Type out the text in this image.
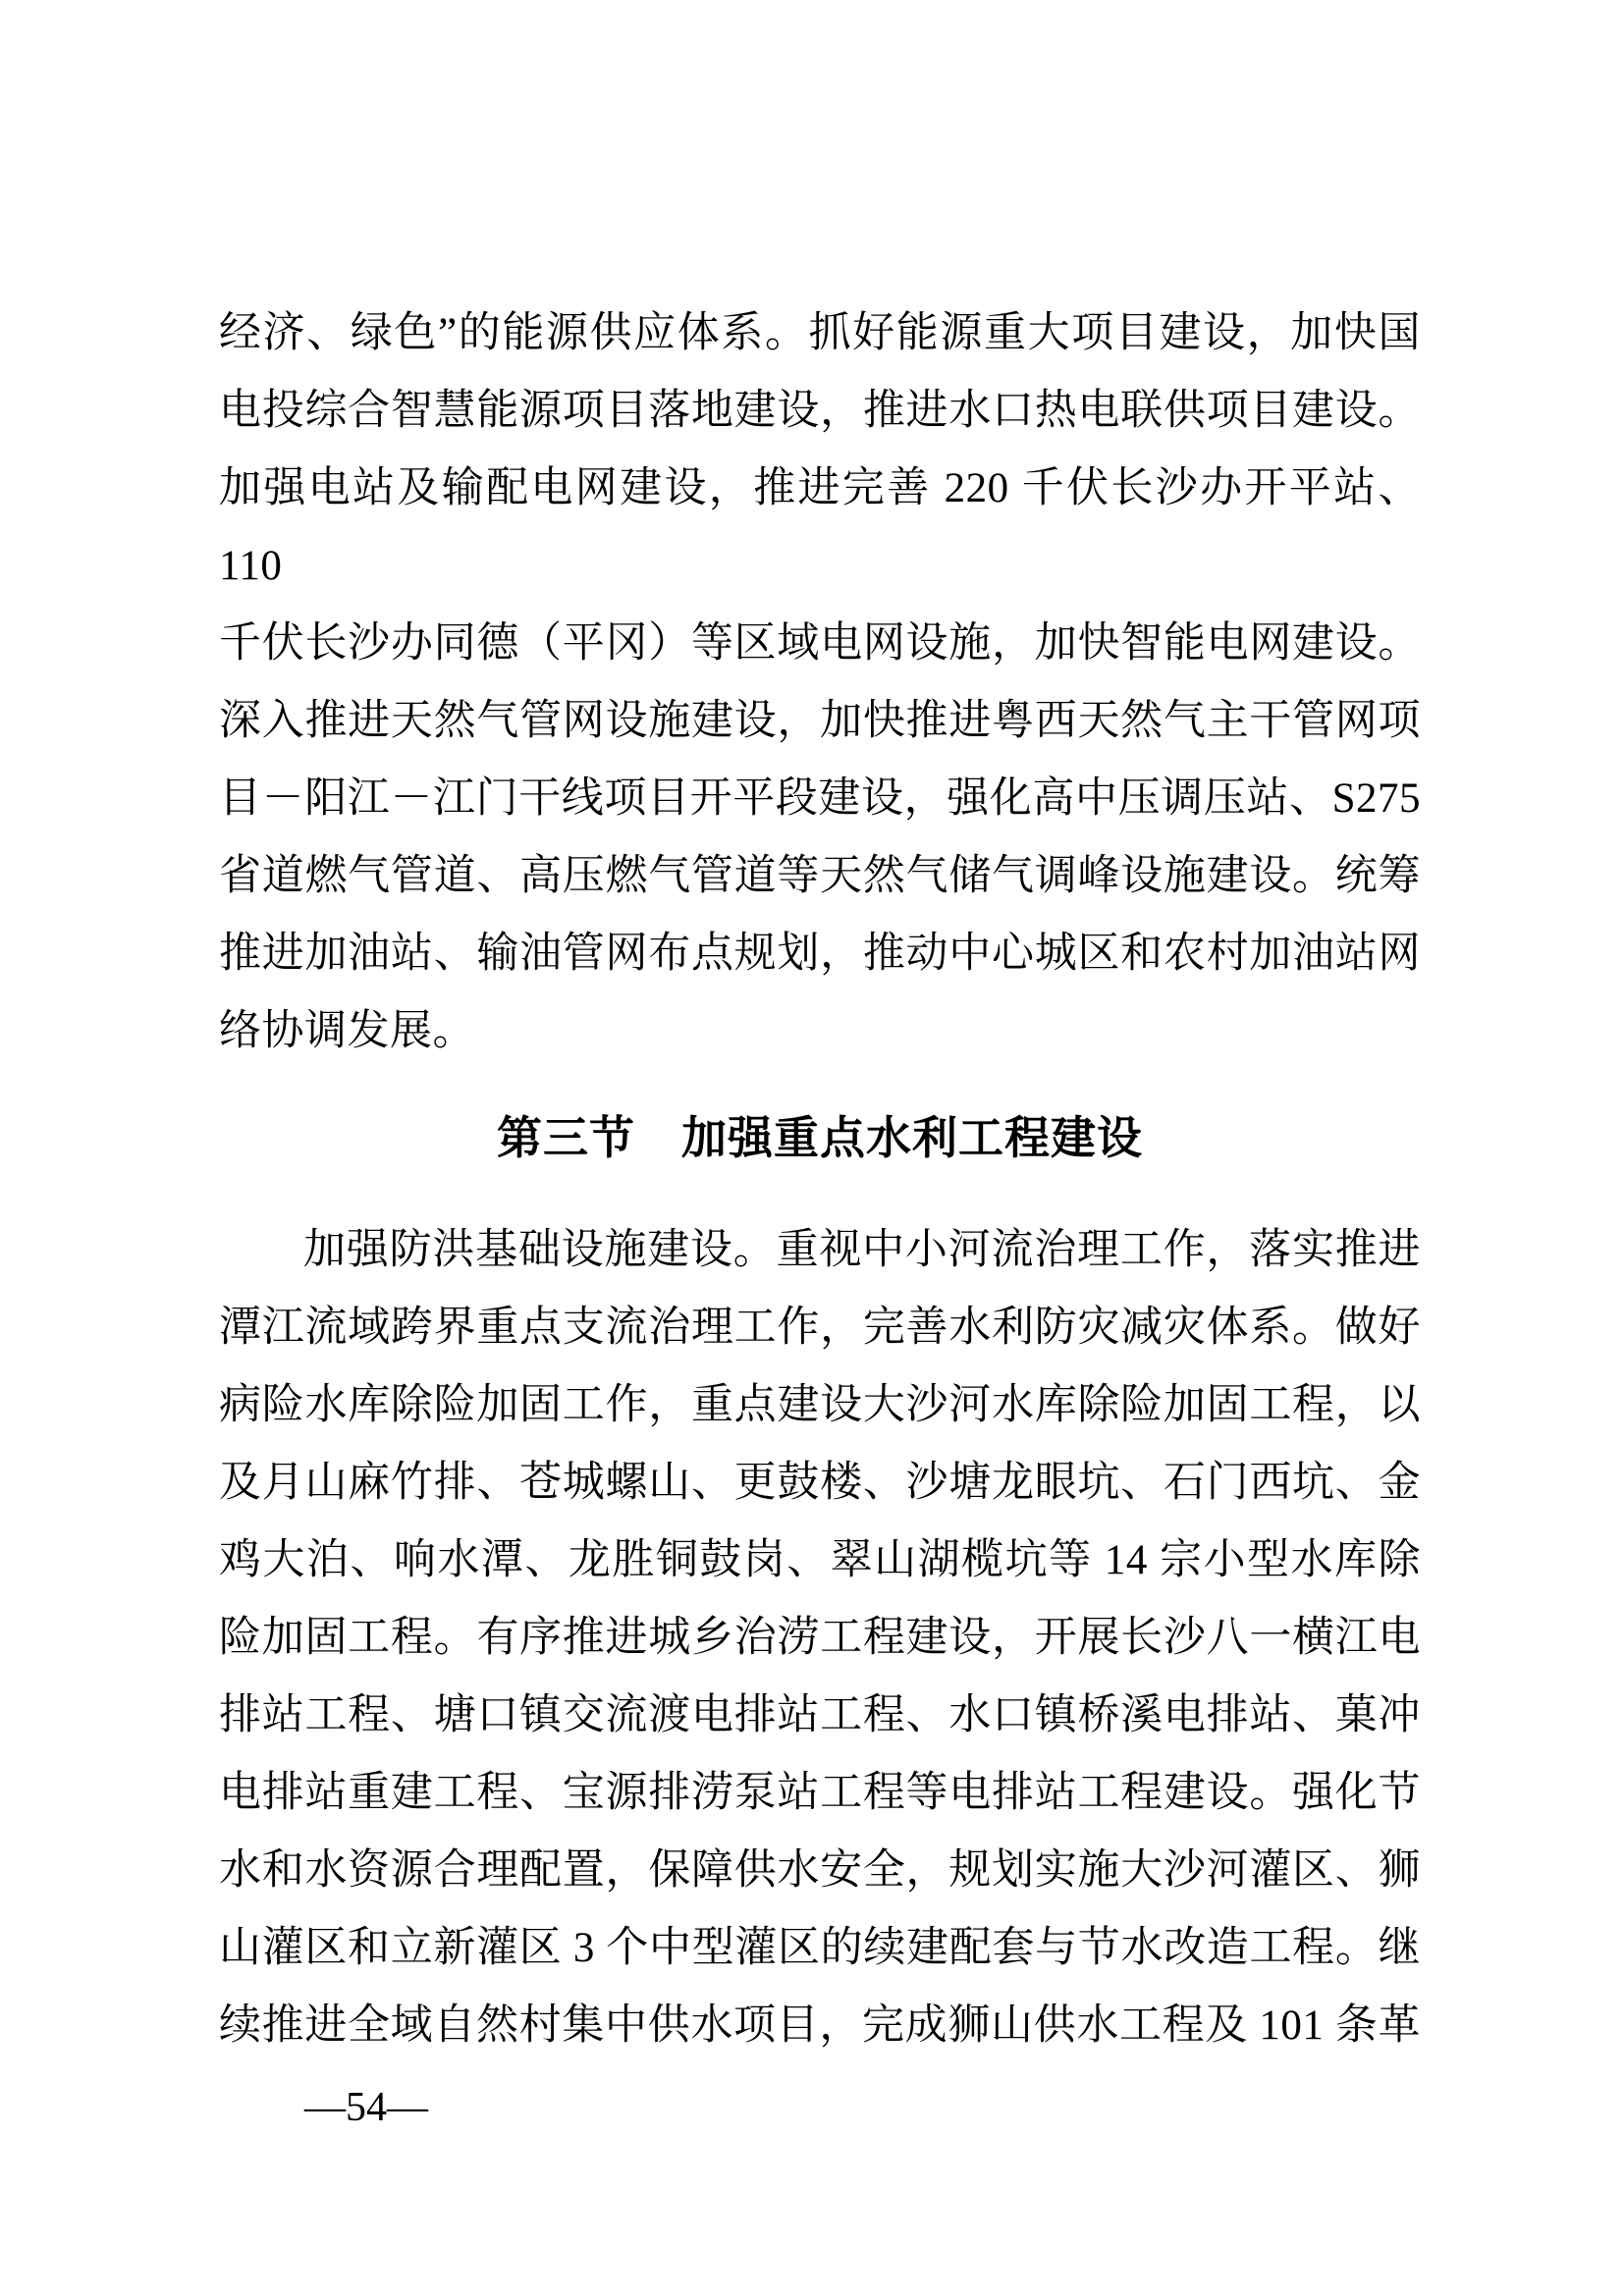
经济、绿色”的能源供应体系。抓好能源重大项目建设，加快国
电投综合智慧能源项目落地建设，推进水口热电联供项目建设。
加强电站及输配电网建设，推进完善 220 千伏长沙办开平站、110
千伏长沙办同德（平冈）等区域电网设施，加快智能电网建设。
深入推进天然气管网设施建设，加快推进粤西天然气主干管网项
目－阳江－江门干线项目开平段建设，强化高中压调压站、S275
省道燃气管道、高压燃气管道等天然气储气调峰设施建设。统筹
推进加油站、输油管网布点规划，推动中心城区和农村加油站网
络协调发展。
第三节　加强重点水利工程建设
加强防洪基础设施建设。重视中小河流治理工作，落实推进
潭江流域跨界重点支流治理工作，完善水利防灾减灾体系。做好
病险水库除险加固工作，重点建设大沙河水库除险加固工程，以
及月山麻竹排、苍城螺山、更鼓楼、沙塘龙眼坑、石门西坑、金
鸡大泊、响水潭、龙胜铜鼓岗、翠山湖榄坑等 14 宗小型水库除
险加固工程。有序推进城乡治涝工程建设，开展长沙八一横江电
排站工程、塘口镇交流渡电排站工程、水口镇桥溪电排站、菓冲
电排站重建工程、宝源排涝泵站工程等电排站工程建设。强化节
水和水资源合理配置，保障供水安全，规划实施大沙河灌区、狮
山灌区和立新灌区 3 个中型灌区的续建配套与节水改造工程。继
续推进全域自然村集中供水项目，完成狮山供水工程及 101 条革
—54—
